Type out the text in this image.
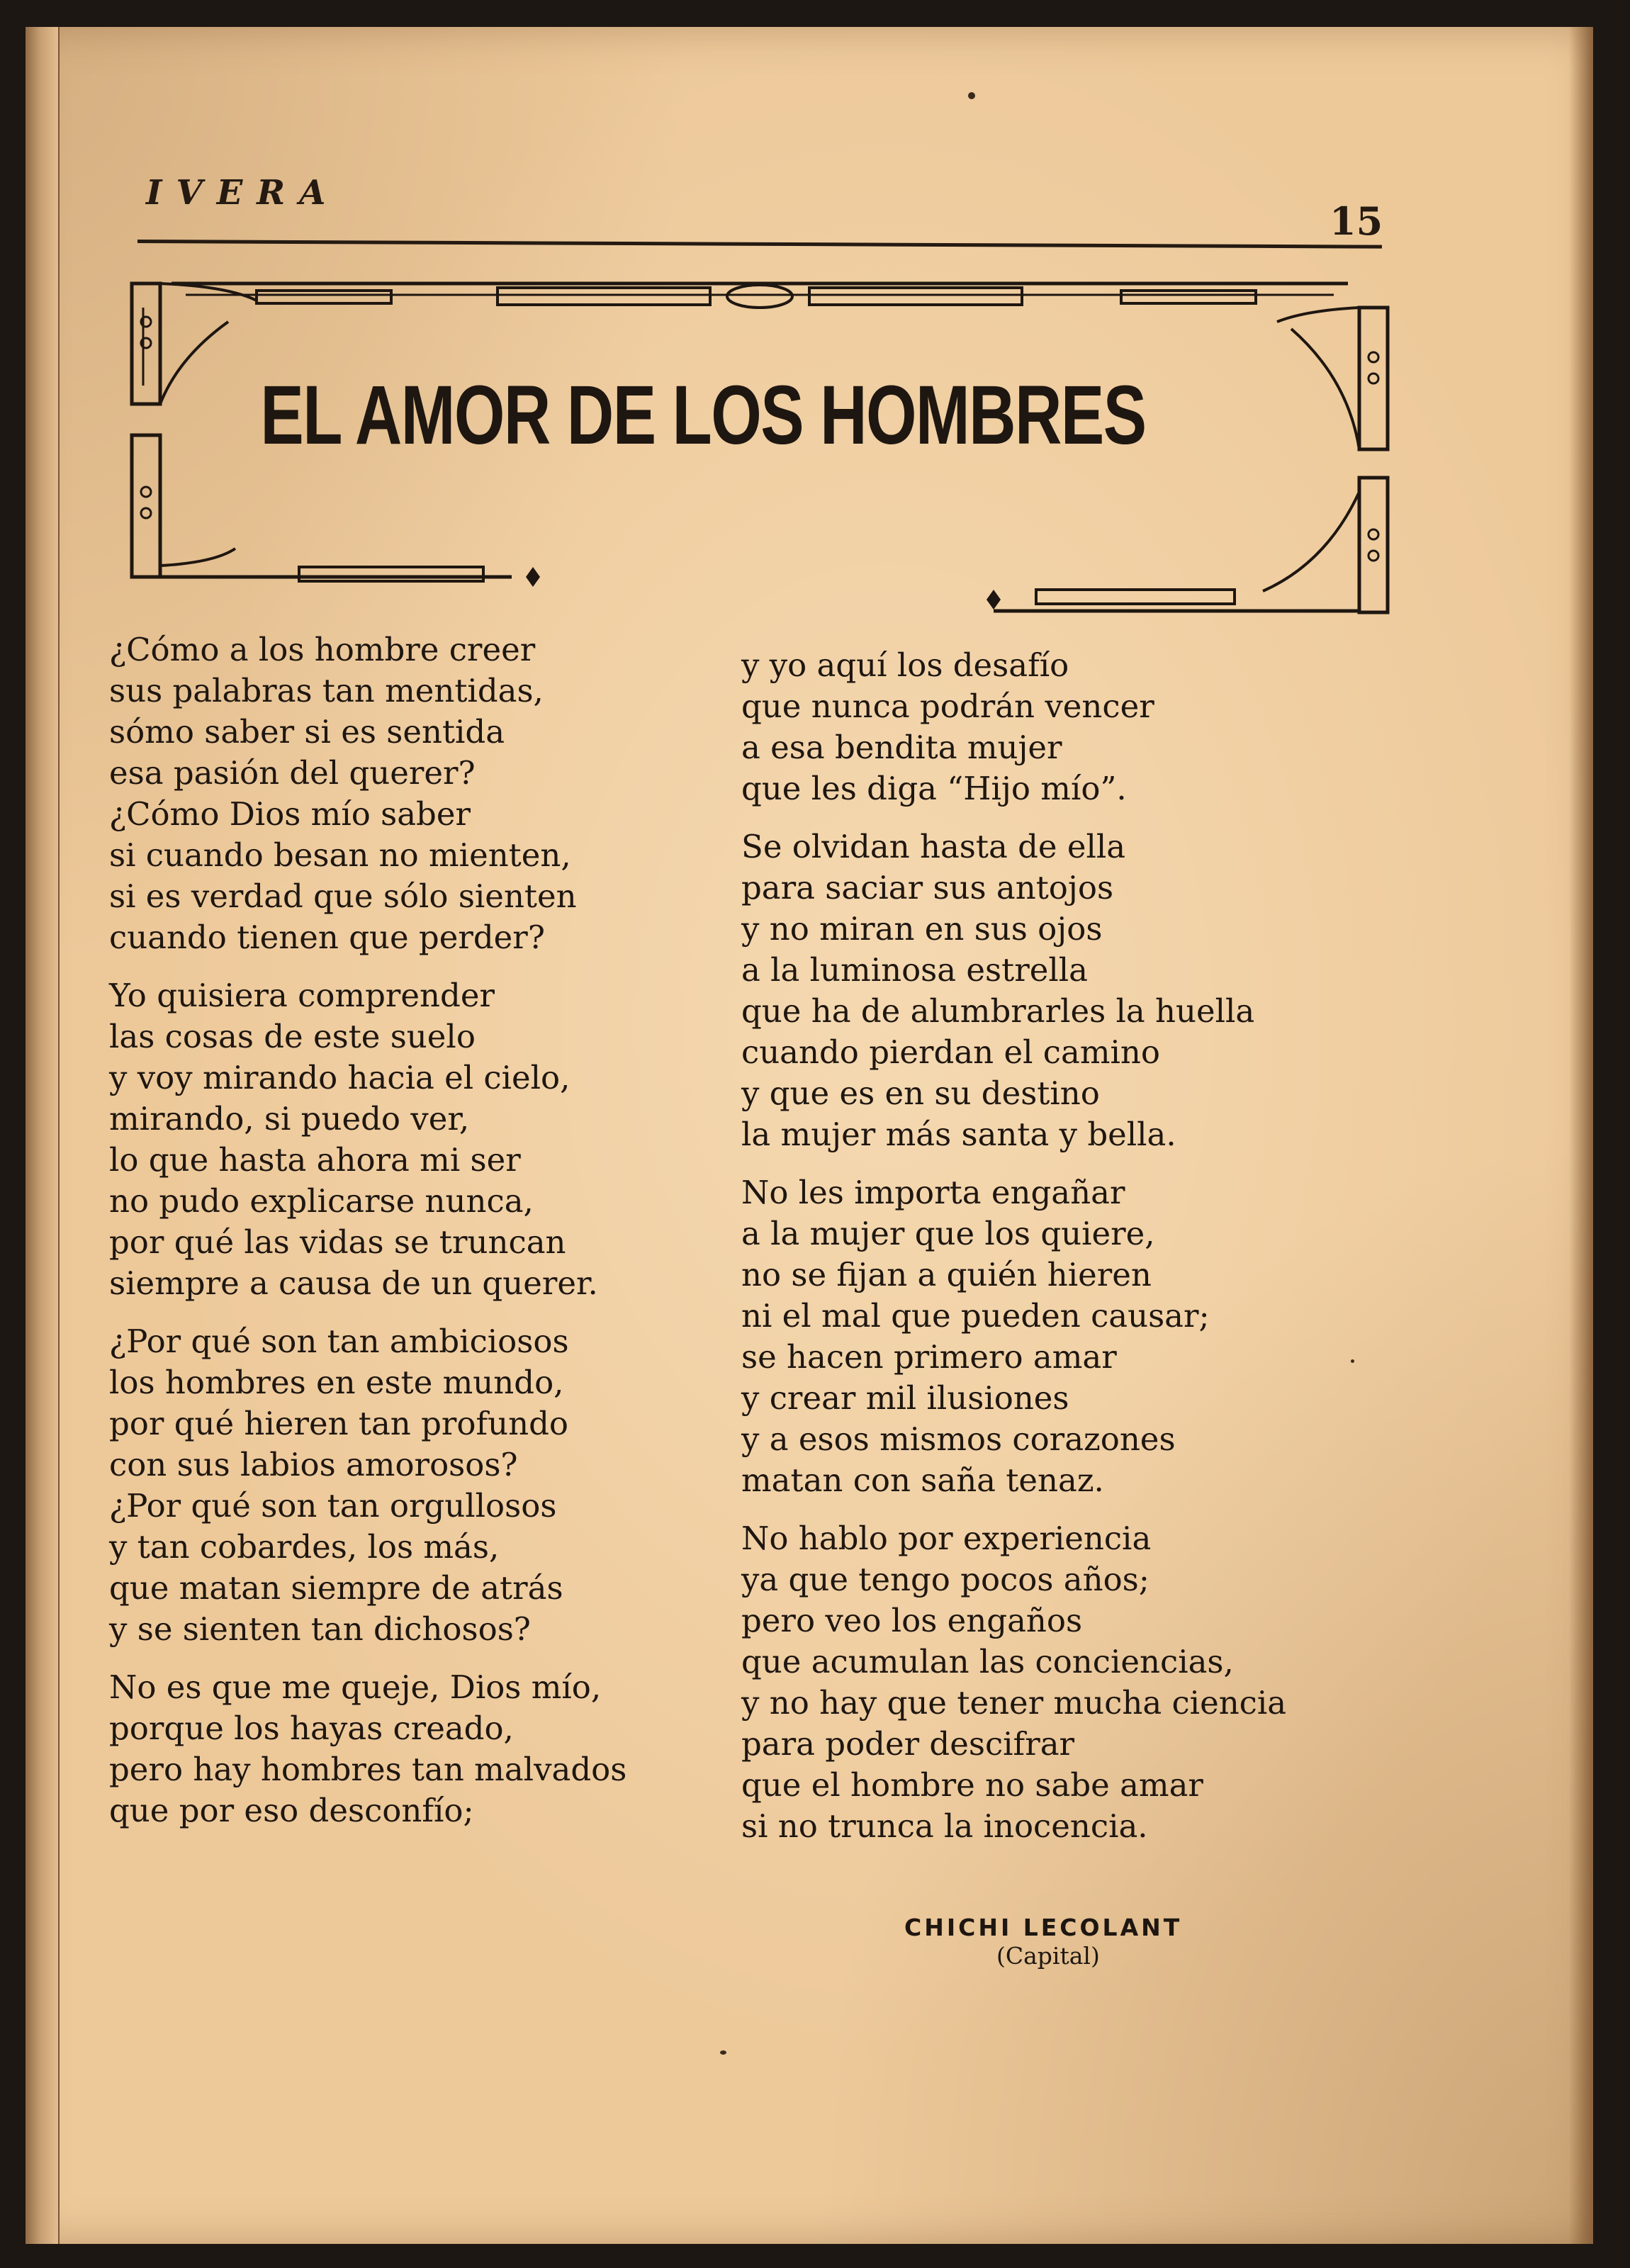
IVERA
15
EL AMOR DE LOS HOMBRES
¿Cómo a los hombre creer
sus palabras tan mentidas,
sómo saber si es sentida
esa pasión del querer?
¿Cómo Dios mío saber
si cuando besan no mienten,
si es verdad que sólo sienten
cuando tienen que perder?
Yo quisiera comprender
las cosas de este suelo
y voy mirando hacia el cielo,
mirando, si puedo ver,
lo que hasta ahora mi ser
no pudo explicarse nunca,
por qué las vidas se truncan
siempre a causa de un querer.
¿Por qué son tan ambiciosos
los hombres en este mundo,
por qué hieren tan profundo
con sus labios amorosos?
¿Por qué son tan orgullosos
y tan cobardes, los más,
que matan siempre de atrás
y se sienten tan dichosos?
No es que me queje, Dios mío,
porque los hayas creado,
pero hay hombres tan malvados
que por eso desconfío;
y yo aquí los desafío
que nunca podrán vencer
a esa bendita mujer
que les diga “Hijo mío”.
Se olvidan hasta de ella
para saciar sus antojos
y no miran en sus ojos
a la luminosa estrella
que ha de alumbrarles la huella
cuando pierdan el camino
y que es en su destino
la mujer más santa y bella.
No les importa engañar
a la mujer que los quiere,
no se fijan a quién hieren
ni el mal que pueden causar;
se hacen primero amar
y crear mil ilusiones
y a esos mismos corazones
matan con saña tenaz.
No hablo por experiencia
ya que tengo pocos años;
pero veo los engaños
que acumulan las conciencias,
y no hay que tener mucha ciencia
para poder descifrar
que el hombre no sabe amar
si no trunca la inocencia.
CHICHI LECOLANT
(Capital)
